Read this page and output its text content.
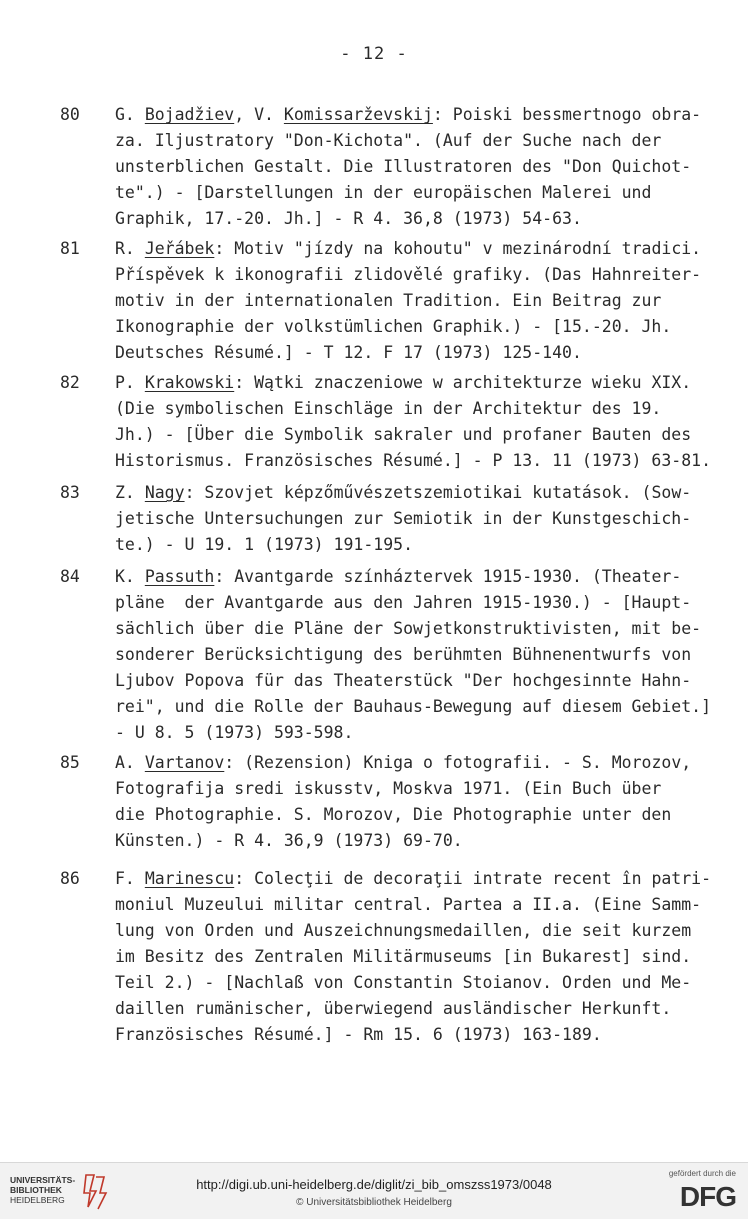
- 12 -
80 G. Bojadžiev, V. Komissarževskij: Poiski bessmertnogo obra-
za. Iljustratory "Don-Kichota". (Auf der Suche nach der
unsterblichen Gestalt. Die Illustratoren des "Don Quichot-
te".) - [Darstellungen in der europäischen Malerei und
Graphik, 17.-20. Jh.] - R 4. 36,8 (1973) 54-63.
81 R. Jeřábek: Motiv "jízdy na kohoutu" v mezinárodní tradici.
Příspěvek k ikonografii zlidovělé grafiky. (Das Hahnreiter-
motiv in der internationalen Tradition. Ein Beitrag zur
Ikonographie der volkstümlichen Graphik.) - [15.-20. Jh.
Deutsches Résumé.] - T 12. F 17 (1973) 125-140.
82 P. Krakowski: Wątki znaczeniowe w architekturze wieku XIX.
(Die symbolischen Einschläge in der Architektur des 19.
Jh.) - [Über die Symbolik sakraler und profaner Bauten des
Historismus. Französisches Résumé.] - P 13. 11 (1973) 63-81.
83 Z. Nagy: Szovjet képzőművészetszemiotikai kutatások. (Sow-
jetische Untersuchungen zur Semiotik in der Kunstgeschich-
te.) - U 19. 1 (1973) 191-195.
84 K. Passuth: Avantgarde színháztervek 1915-1930. (Theater-
pläne  der Avantgarde aus den Jahren 1915-1930.) - [Haupt-
sächlich über die Pläne der Sowjetkonstruktivisten, mit be-
sonderer Berücksichtigung des berühmten Bühnenentwurfs von
Ljubov Popova für das Theaterstück "Der hochgesinnte Hahn-
rei", und die Rolle der Bauhaus-Bewegung auf diesem Gebiet.]
- U 8. 5 (1973) 593-598.
85 A. Vartanov: (Rezension) Kniga o fotografii. - S. Morozov,
Fotografija sredi iskusstv, Moskva 1971. (Ein Buch über
die Photographie. S. Morozov, Die Photographie unter den
Künsten.) - R 4. 36,9 (1973) 69-70.
86 F. Marinescu: Colecţii de decoraţii intrate recent în patri-
moniul Muzeului militar central. Partea a II.a. (Eine Samm-
lung von Orden und Auszeichnungsmedaillen, die seit kurzem
im Besitz des Zentralen Militärmuseums [in Bukarest] sind.
Teil 2.) - [Nachlaß von Constantin Stoianov. Orden und Me-
daillen rumänischer, überwiegend ausländischer Herkunft.
Französisches Résumé.] - Rm 15. 6 (1973) 163-189.
UNIVERSITÄTS-
BIBLIOTHEK
HEIDELBERG
http://digi.ub.uni-heidelberg.de/diglit/zi_bib_omszss1973/0048
© Universitätsbibliothek Heidelberg
gefördert durch die
DFG
